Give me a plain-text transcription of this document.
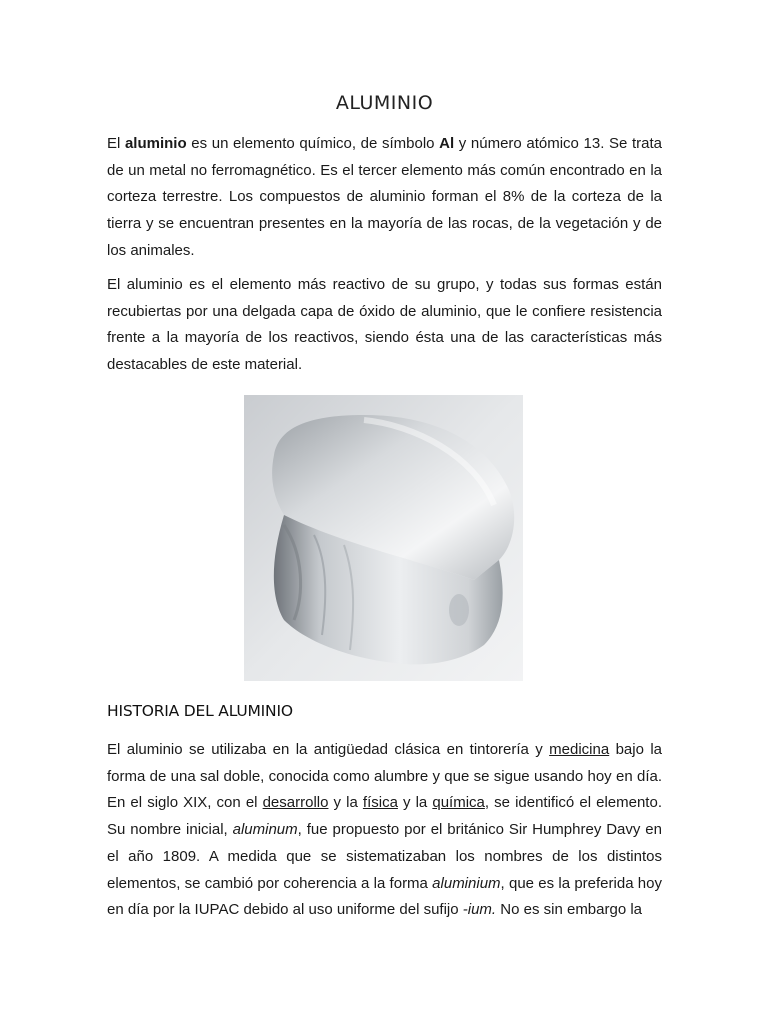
ALUMINIO

El aluminio es un elemento químico, de símbolo Al y número atómico 13. Se trata de un metal no ferromagnético. Es el tercer elemento más común encontrado en la corteza terrestre. Los compuestos de aluminio forman el 8% de la corteza de la tierra y se encuentran presentes en la mayoría de las rocas, de la vegetación y de los animales.

El aluminio es el elemento más reactivo de su grupo, y todas sus formas están recubiertas por una delgada capa de óxido de aluminio, que le confiere resistencia frente a la mayoría de los reactivos, siendo ésta una de las características más destacables de este material.

HISTORIA DEL ALUMINIO

El aluminio se utilizaba en la antigüedad clásica en tintorería y medicina bajo la forma de una sal doble, conocida como alumbre y que se sigue usando hoy en día. En el siglo XIX, con el desarrollo y la física y la química, se identificó el elemento. Su nombre inicial, aluminum, fue propuesto por el británico Sir Humphrey Davy en el año 1809. A medida que se sistematizaban los nombres de los distintos elementos, se cambió por coherencia a la forma aluminium, que es la preferida hoy en día por la IUPAC debido al uso uniforme del sufijo -ium. No es sin embargo la
